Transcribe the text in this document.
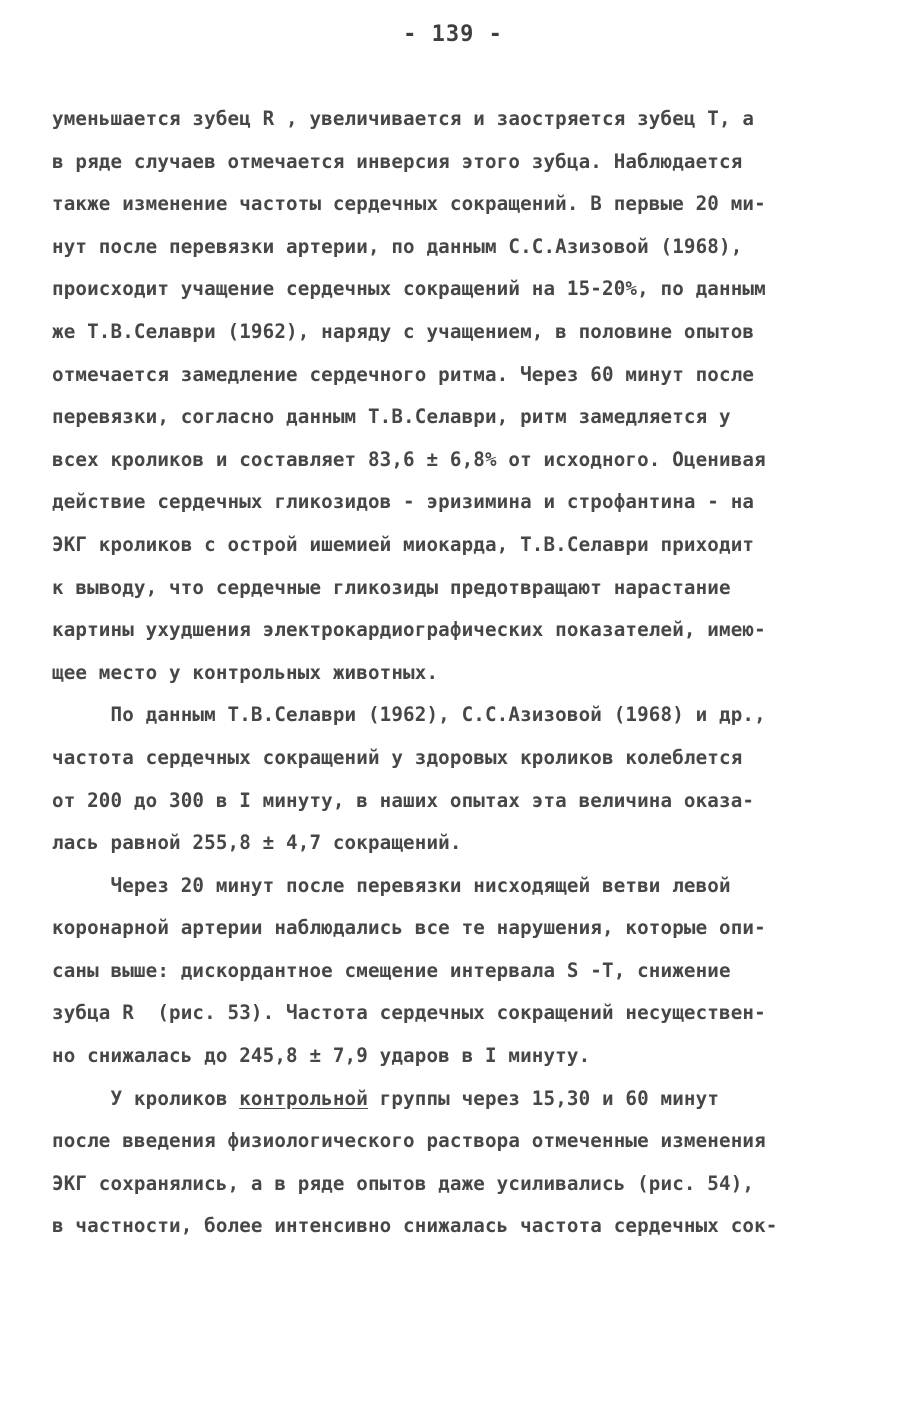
- 139 -
уменьшается зубец R , увеличивается и заостряется зубец Т, а
в ряде случаев отмечается инверсия этого зубца. Наблюдается
также изменение частоты сердечных сокращений. В первые 20 ми-
нут после перевязки артерии, по данным С.С.Азизовой (1968),
происходит учащение сердечных сокращений на 15-20%, по данным
же Т.В.Селаври (1962), наряду с учащением, в половине опытов
отмечается замедление сердечного ритма. Через 60 минут после
перевязки, согласно данным Т.В.Селаври, ритм замедляется у
всех кроликов и составляет 83,6 ± 6,8% от исходного. Оценивая
действие сердечных гликозидов - эризимина и строфантина - на
ЭКГ кроликов с острой ишемией миокарда, Т.В.Селаври приходит
к выводу, что сердечные гликозиды предотвращают нарастание
картины ухудшения электрокардиографических показателей, имею-
щее место у контрольных животных.
По данным Т.В.Селаври (1962), С.С.Азизовой (1968) и др.,
частота сердечных сокращений у здоровых кроликов колеблется
от 200 до 300 в I минуту, в наших опытах эта величина оказа-
лась равной 255,8 ± 4,7 сокращений.
Через 20 минут после перевязки нисходящей ветви левой
коронарной артерии наблюдались все те нарушения, которые опи-
саны выше: дискордантное смещение интервала S -Т, снижение
зубца R  (рис. 53). Частота сердечных сокращений несуществен-
но снижалась до 245,8 ± 7,9 ударов в I минуту.
У кроликов контрольной группы через 15,30 и 60 минут
после введения физиологического раствора отмеченные изменения
ЭКГ сохранялись, а в ряде опытов даже усиливались (рис. 54),
в частности, более интенсивно снижалась частота сердечных сок-
